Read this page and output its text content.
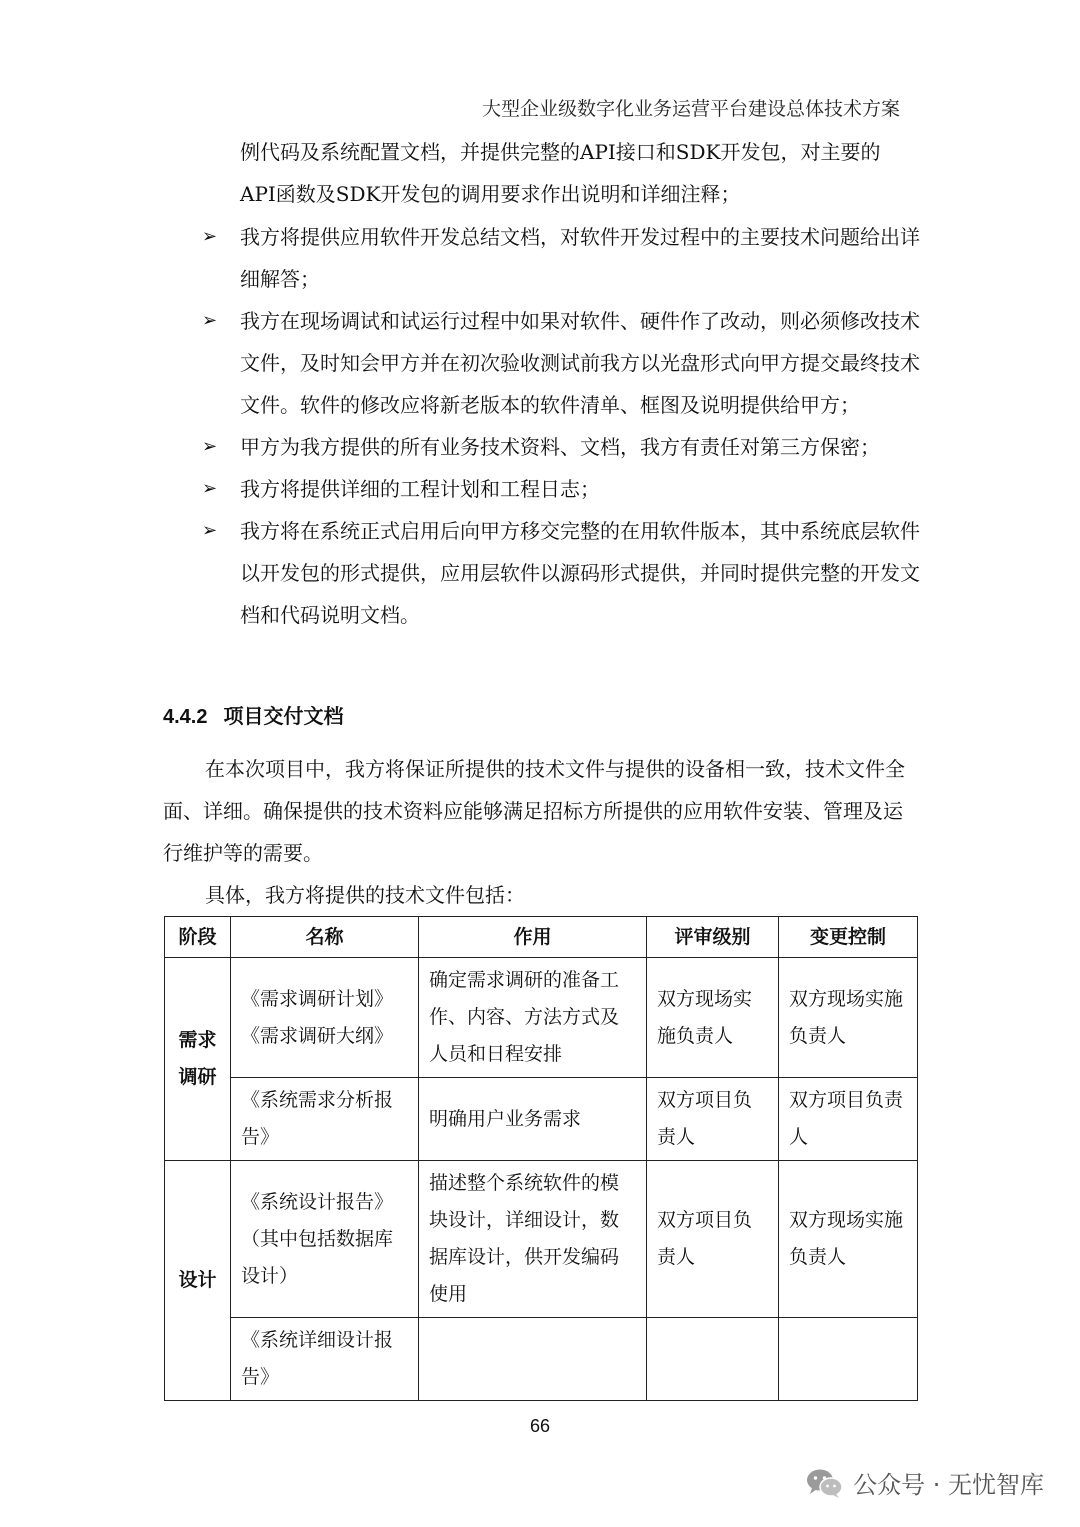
大型企业级数字化业务运营平台建设总体技术方案
例代码及系统配置文档，并提供完整的API接口和SDK开发包，对主要的
API函数及SDK开发包的调用要求作出说明和详细注释；
➢ 我方将提供应用软件开发总结文档，对软件开发过程中的主要技术问题给出详细解答；
➢ 我方在现场调试和试运行过程中如果对软件、硬件作了改动，则必须修改技术文件，及时知会甲方并在初次验收测试前我方以光盘形式向甲方提交最终技术文件。软件的修改应将新老版本的软件清单、框图及说明提供给甲方；
➢ 甲方为我方提供的所有业务技术资料、文档，我方有责任对第三方保密；
➢ 我方将提供详细的工程计划和工程日志；
➢ 我方将在系统正式启用后向甲方移交完整的在用软件版本，其中系统底层软件以开发包的形式提供，应用层软件以源码形式提供，并同时提供完整的开发文档和代码说明文档。
4.4.2 项目交付文档
在本次项目中，我方将保证所提供的技术文件与提供的设备相一致，技术文件全面、详细。确保提供的技术资料应能够满足招标方所提供的应用软件安装、管理及运行维护等的需要。
具体，我方将提供的技术文件包括：
阶段	名称	作用	评审级别	变更控制
需求调研	《需求调研计划》《需求调研大纲》	确定需求调研的准备工作、内容、方法方式及人员和日程安排	双方现场实施负责人	双方现场实施负责人
	《系统需求分析报告》	明确用户业务需求	双方项目负责人	双方项目负责人
设计	《系统设计报告》（其中包括数据库设计）	描述整个系统软件的模块设计，详细设计，数据库设计，供开发编码使用	双方项目负责人	双方现场实施负责人
	《系统详细设计报告》			
66
公众号 · 无忧智库
